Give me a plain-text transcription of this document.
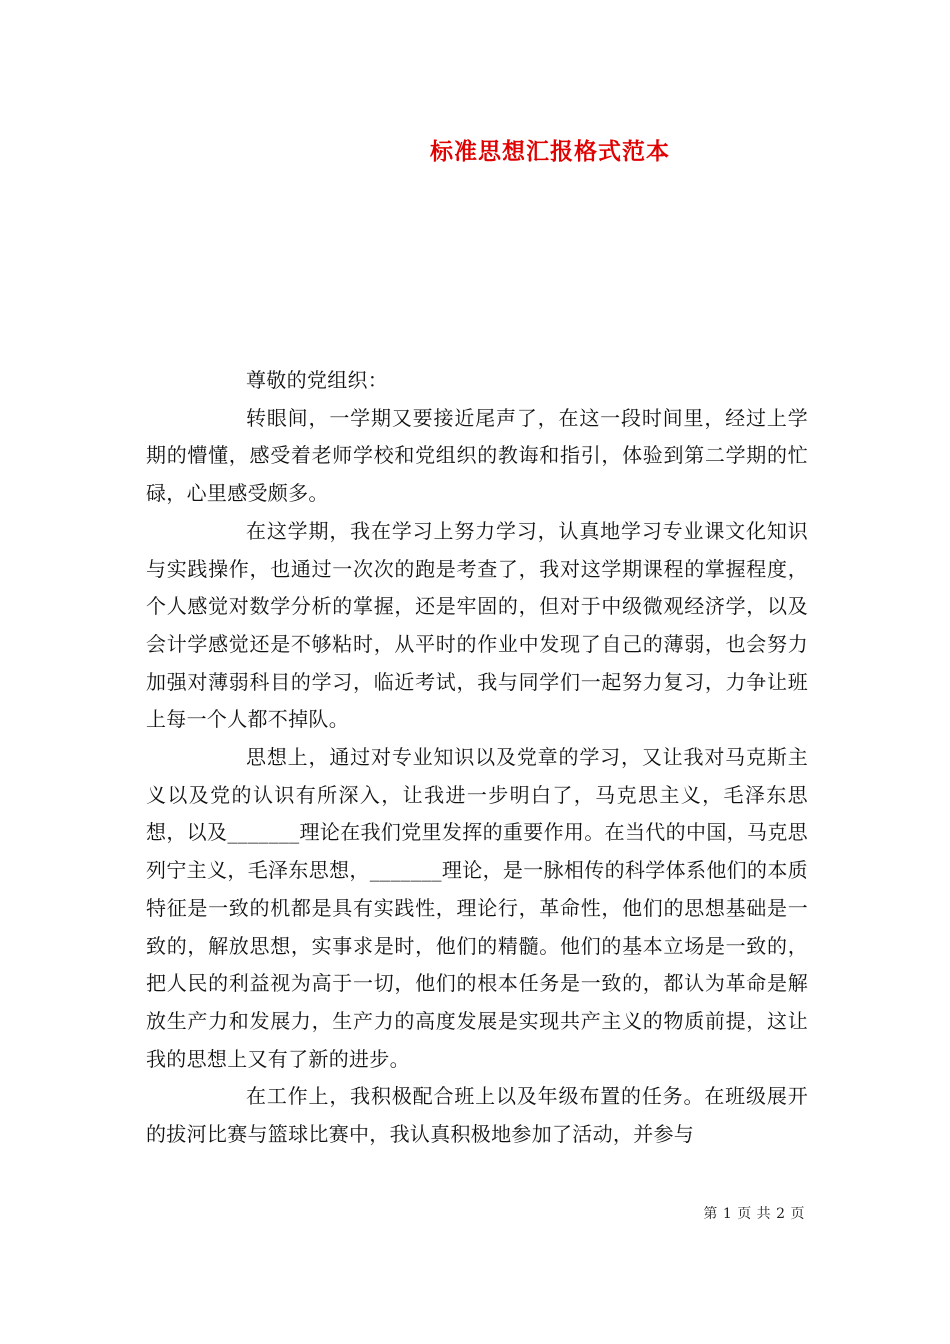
标准思想汇报格式范本

尊敬的党组织：

转眼间，一学期又要接近尾声了，在这一段时间里，经过上学期的懵懂，感受着老师学校和党组织的教诲和指引，体验到第二学期的忙碌，心里感受颇多。

在这学期，我在学习上努力学习，认真地学习专业课文化知识与实践操作，也通过一次次的跑是考查了，我对这学期课程的掌握程度，个人感觉对数学分析的掌握，还是牢固的，但对于中级微观经济学，以及会计学感觉还是不够粘时，从平时的作业中发现了自己的薄弱，也会努力加强对薄弱科目的学习，临近考试，我与同学们一起努力复习，力争让班上每一个人都不掉队。

思想上，通过对专业知识以及党章的学习，又让我对马克斯主义以及党的认识有所深入，让我进一步明白了，马克思主义，毛泽东思想，以及_______理论在我们党里发挥的重要作用。在当代的中国，马克思列宁主义，毛泽东思想，_______理论，是一脉相传的科学体系他们的本质特征是一致的机都是具有实践性，理论行，革命性，他们的思想基础是一致的，解放思想，实事求是时，他们的精髓。他们的基本立场是一致的，把人民的利益视为高于一切，他们的根本任务是一致的，都认为革命是解放生产力和发展力，生产力的高度发展是实现共产主义的物质前提，这让我的思想上又有了新的进步。

在工作上，我积极配合班上以及年级布置的任务。在班级展开的拔河比赛与篮球比赛中，我认真积极地参加了活动，并参与

第 1 页 共 2 页
